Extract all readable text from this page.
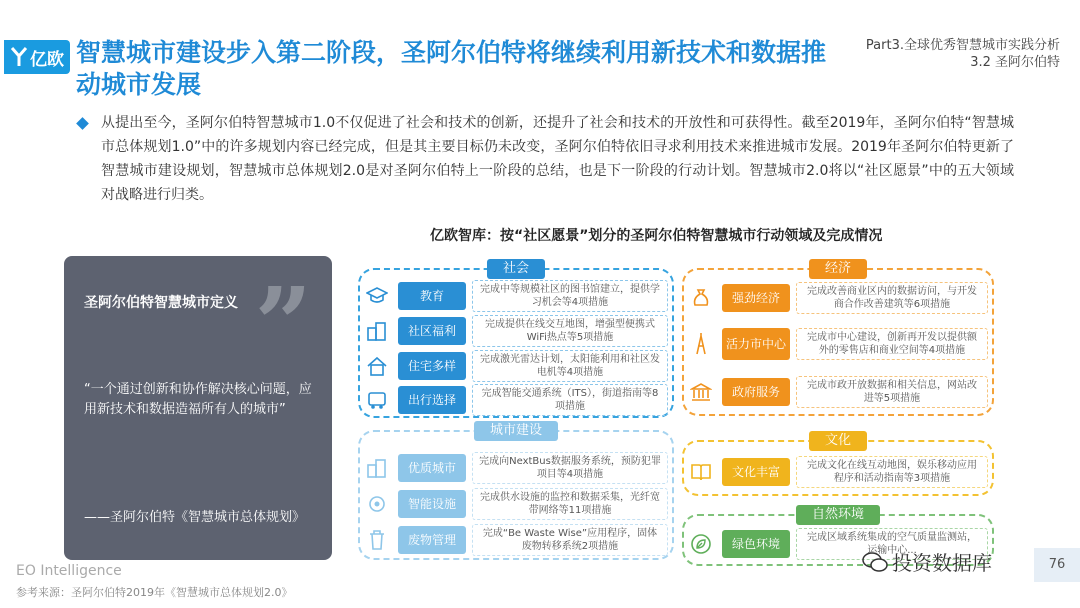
亿欧 智慧城市建设步入第二阶段，圣阿尔伯特将继续利用新技术和数据推动城市发展
Part3.全球优秀智慧城市实践分析
3.2 圣阿尔伯特
从提出至今，圣阿尔伯特智慧城市1.0不仅促进了社会和技术的创新，还提升了社会和技术的开放性和可获得性。截至2019年，圣阿尔伯特“智慧城市总体规划1.0”中的许多规划内容已经完成，但是其主要目标仍未改变，圣阿尔伯特依旧寻求利用技术来推进城市发展。2019年圣阿尔伯特更新了智慧城市建设规划，智慧城市总体规划2.0是对圣阿尔伯特上一阶段的总结，也是下一阶段的行动计划。智慧城市2.0将以“社区愿景”中的五大领域对战略进行归类。
亿欧智库：按“社区愿景”划分的圣阿尔伯特智慧城市行动领域及完成情况
圣阿尔伯特智慧城市定义 ”
“一个通过创新和协作解决核心问题，应用新技术和数据造福所有人的城市”
——圣阿尔伯特《智慧城市总体规划》
社会
教育	完成中等规模社区的图书馆建立，提供学习机会等4项措施
社区福利	完成提供在线交互地图，增强型便携式WiFi热点等5项措施
住宅多样	完成激光雷达计划，太阳能利用和社区发电机等4项措施
出行选择	完成智能交通系统（ITS），街道指南等8项措施
城市建设
优质城市	完成向NextBus数据服务系统，预防犯罪项目等4项措施
智能设施	完成供水设施的监控和数据采集，光纤宽带网络等11项措施
废物管理	完成“Be Waste Wise”应用程序，固体废物转移系统2项措施
经济
强劲经济	完成改善商业区内的数据访问，与开发商合作改善建筑等6项措施
活力市中心	完成市中心建设，创新再开发以提供额外的零售店和商业空间等4项措施
政府服务	完成市政开放数据和相关信息，网站改进等5项措施
文化
文化丰富	完成文化在线互动地图，娱乐移动应用程序和活动指南等3项措施
自然环境
绿色环境	完成区域系统集成的空气质量监测站，运输中心...
EO Intelligence
参考来源：圣阿尔伯特2019年《智慧城市总体规划2.0》
投资数据库	76
